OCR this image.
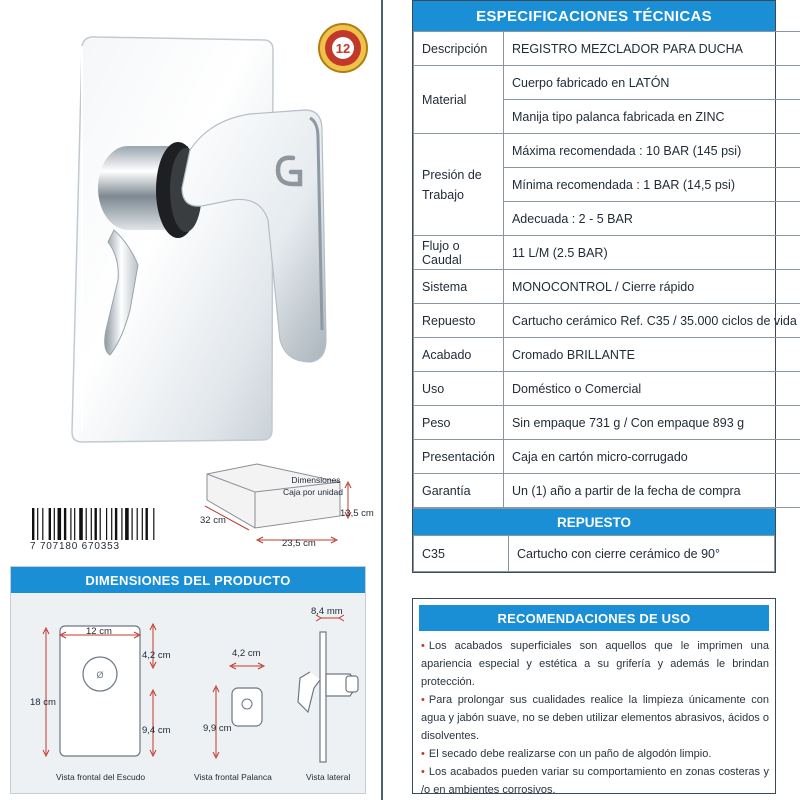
12
ESPECIFICACIONES TÉCNICAS
Descripción	REGISTRO MEZCLADOR PARA DUCHA
Material	Cuerpo fabricado en LATÓN
	Manija tipo palanca fabricada en ZINC
Presión de Trabajo	Máxima recomendada : 10 BAR (145 psi)
	Mínima recomendada : 1 BAR (14,5 psi)
	Adecuada : 2 - 5 BAR
Flujo o Caudal	11 L/M (2.5 BAR)
Sistema	MONOCONTROL / Cierre rápido
Repuesto	Cartucho cerámico Ref. C35 / 35.000 ciclos de vida
Acabado	Cromado BRILLANTE
Uso	Doméstico o Comercial
Peso	Sin empaque 731 g / Con empaque 893 g
Presentación	Caja en cartón micro-corrugado
Garantía	Un (1) año a partir de la fecha de compra
REPUESTO
C35	Cartucho con cierre cerámico de 90°
RECOMENDACIONES DE USO
• Los acabados superficiales son aquellos que le imprimen una apariencia especial y estética a su grifería y además le brindan protección.
• Para prolongar sus cualidades realice la limpieza únicamente con agua y jabón suave, no se deben utilizar elementos abrasivos, ácidos o disolventes.
• El secado debe realizarse con un paño de algodón limpio.
• Los acabados pueden variar su comportamiento en zonas costeras y /o en ambientes corrosivos.
Dimensiones
Caja por unidad
32 cm
13,5 cm
23,5 cm
7 707180 670353
DIMENSIONES DEL PRODUCTO
Ø
12 cm
18 cm
4,2 cm
9,4 cm
4,2 cm
9,9 cm
8,4 mm
Vista frontal del Escudo	Vista frontal Palanca	Vista lateral
